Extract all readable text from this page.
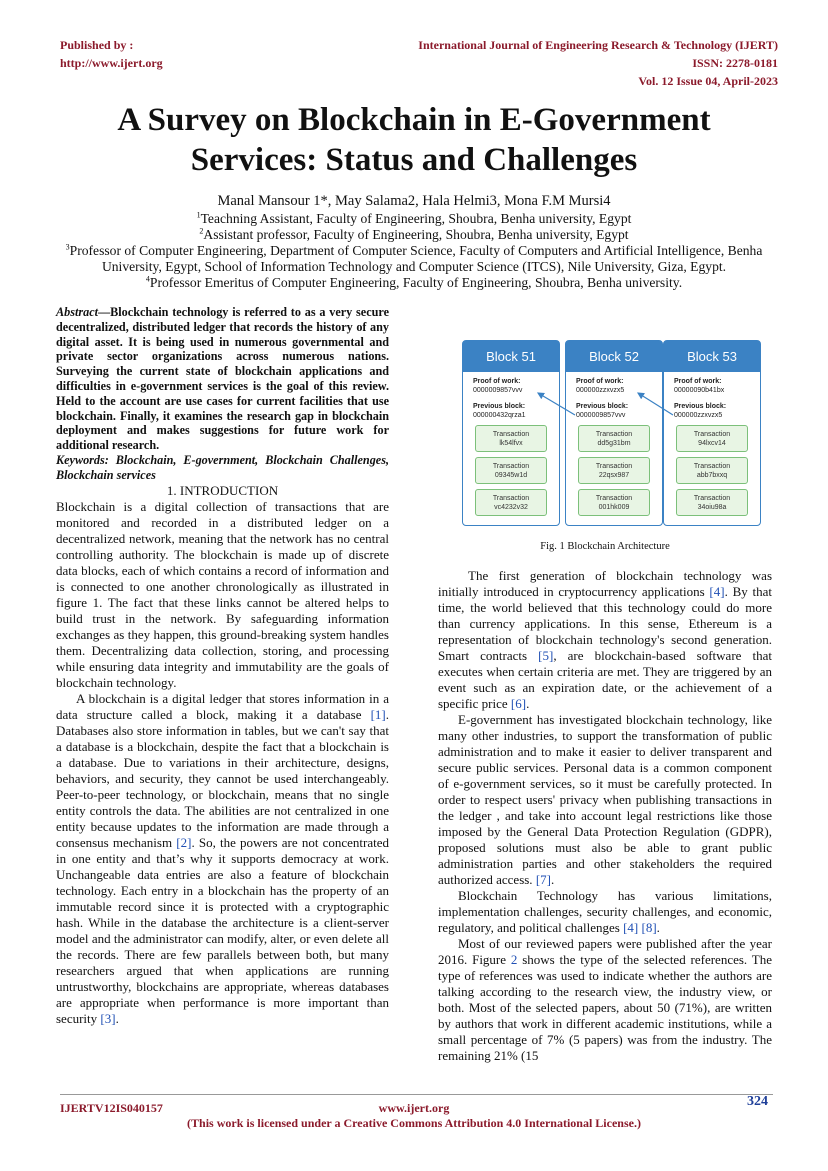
Published by :
http://www.ijert.org
International Journal of Engineering Research & Technology (IJERT)
ISSN: 2278-0181
Vol. 12 Issue 04, April-2023
A Survey on Blockchain in E-Government
Services: Status and Challenges
Manal Mansour 1*, May Salama2, Hala Helmi3, Mona F.M Mursi4
$^1$Teachning Assistant, Faculty of Engineering, Shoubra, Benha university, Egypt
$^2$Assistant professor, Faculty of Engineering, Shoubra, Benha university, Egypt
$^3$Professor of Computer Engineering, Department of Computer Science, Faculty of Computers and Artificial Intelligence, Benha
University, Egypt, School of Information Technology and Computer Science (ITCS), Nile University, Giza, Egypt.
$^4$Professor Emeritus of Computer Engineering, Faculty of Engineering, Shoubra, Benha university.

Abstract—Blockchain technology is referred to as a very secure decentralized, distributed ledger that records the history of any digital asset. It is being used in numerous governmental and private sector organizations across numerous nations. Surveying the current state of blockchain applications and difficulties in e-government services is the goal of this review. Held to the account are use cases for current facilities that use blockchain. Finally, it examines the research gap in blockchain deployment and makes suggestions for future work for additional research.

Keywords: Blockchain, E-government, Blockchain Challenges, Blockchain services

1. INTRODUCTION

Blockchain is a digital collection of transactions that are monitored and recorded in a distributed ledger on a decentralized network, meaning that the network has no central controlling authority. The blockchain is made up of discrete data blocks, each of which contains a record of information and is connected to one another chronologically as illustrated in figure 1. The fact that these links cannot be altered helps to build trust in the network. By safeguarding information exchanges as they happen, this ground-breaking system handles them. Decentralizing data collection, storing, and processing while ensuring data integrity and immutability are the goals of blockchain technology.

A blockchain is a digital ledger that stores information in a data structure called a block, making it a database [1]. Databases also store information in tables, but we can't say that a database is a blockchain, despite the fact that a blockchain is a database. Due to variations in their architecture, designs, behaviors, and security, they cannot be used interchangeably. Peer-to-peer technology, or blockchain, means that no single entity controls the data. The abilities are not centralized in one entity because updates to the information are made through a consensus mechanism [2]. So, the powers are not concentrated in one entity and that’s why it supports democracy at work. Unchangeable data entries are also a feature of blockchain technology. Each entry in a blockchain has the property of an immutable record since it is protected with a cryptographic hash. While in the database the architecture is a client-server model and the administrator can modify, alter, or even delete all the records. There are few parallels between both, but many researchers argued that when applications are running untrustworthy, blockchains are appropriate, whereas databases are appropriate when performance is more important than security [3].

Block 51
Proof of work:
0000009857vvv
Previous block:
000000432qrza1
Transaction
lk54lfvx
Transaction
09345w1d
Transaction
vc4232v32
Block 52
Proof of work:
000000zzxvzx5
Previous block:
0000009857vvv
Transaction
dd5g31bm
Transaction
22qsx987
Transaction
001hk009
Block 53
Proof of work:
00000090b41bx
Previous block:
000000zzxvzx5
Transaction
94lxcv14
Transaction
abb7bxxq
Transaction
34oiu98a
Fig. 1 Blockchain Architecture

The first generation of blockchain technology was initially introduced in cryptocurrency applications [4]. By that time, the world believed that this technology could do more than currency applications. In this sense, Ethereum is a representation of blockchain technology's second generation. Smart contracts [5], are blockchain-based software that executes when certain criteria are met. They are triggered by an event such as an expiration date, or the achievement of a specific price [6].

E-government has investigated blockchain technology, like many other industries, to support the transformation of public administration and to make it easier to deliver transparent and secure public services. Personal data is a common component of e-government services, so it must be carefully protected. In order to respect users' privacy when publishing transactions in the ledger , and take into account legal restrictions like those imposed by the General Data Protection Regulation (GDPR), proposed solutions must also be able to grant public administration parties and other stakeholders the required authorized access. [7].

Blockchain Technology has various limitations, implementation challenges, security challenges, and economic, regulatory, and political challenges [4] [8].

Most of our reviewed papers were published after the year 2016. Figure 2 shows the type of the selected references. The type of references was used to indicate whether the authors are talking according to the research view, the industry view, or both. Most of the selected papers, about 50 (71%), are written by authors that work in different academic institutions, while a small percentage of 7% (5 papers) was from the industry. The remaining 21% (15

IJERTV12IS040157	www.ijert.org
(This work is licensed under a Creative Commons Attribution 4.0 International License.)
324
